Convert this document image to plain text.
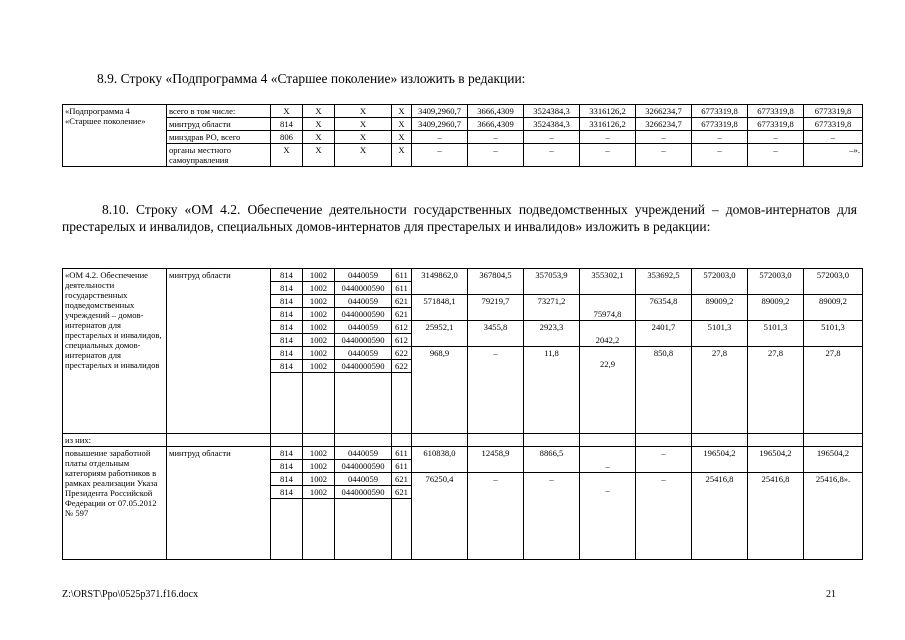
8.9. Строку «Подпрограмма 4 «Старшее поколение» изложить в редакции:
«Подпрограмма 4 «Старшее поколение»	всего в том числе:	X	X	X	X	3409,2960,7	3666,4309	3524384,3	3316126,2	3266234,7	6773319,8	6773319,8	6773319,8
	минтруд области	814	X	X	X	3409,2960,7	3666,4309	3524384,3	3316126,2	3266234,7	6773319,8	6773319,8	6773319,8
	минздрав РО, всего	806	X	X	X	–	–	–	–	–	–	–	–
	органы местного самоуправления	X	X	X	X	–	–	–	–	–	–	–	–».
8.10. Строку «ОМ 4.2. Обеспечение деятельности государственных подведомственных учреждений – домов-интернатов для престарелых и инвалидов, специальных домов-интернатов для престарелых и инвалидов» изложить в редакции:
«ОМ 4.2. Обеспечение деятельности государственных подведомственных учреждений – домов-интернатов для престарелых и инвалидов, специальных домов-интернатов для престарелых и инвалидов	минтруд области	814	1002	0440059	611	3149862,0	367804,5	357053,9	355302,1	353692,5	572003,0	572003,0	572003,0	
		814	1002	0440000590	611									
		814	1002	0440059	621	571848,1	79219,7	73271,2	75974,8	76354,8	89009,2	89009,2	89009,2	
		814	1002	0440000590	621									
		814	1002	0440059	612	25952,1	3455,8	2923,3	2042,2	2401,7	5101,3	5101,3	5101,3	
		814	1002	0440000590	612									
		814	1002	0440059	622	968,9	–	11,8	22,9	850,8	27,8	27,8	27,8	
		814	1002	0440000590	622									

из них:														
повышение заработной платы отдельным категориям работников в рамках реализации Указа Президента Российской Федерации от 07.05.2012 № 597	минтруд области	814	1002	0440059	611	610838,0	12458,9	8866,5	–	–	196504,2	196504,2	196504,2	
		814	1002	0440000590	611									
		814	1002	0440059	621	76250,4	–	–	–	–	25416,8	25416,8	25416,8».	
		814	1002	0440000590	621									

Z:\ORST\Ppo\0525p371.f16.docx	21
